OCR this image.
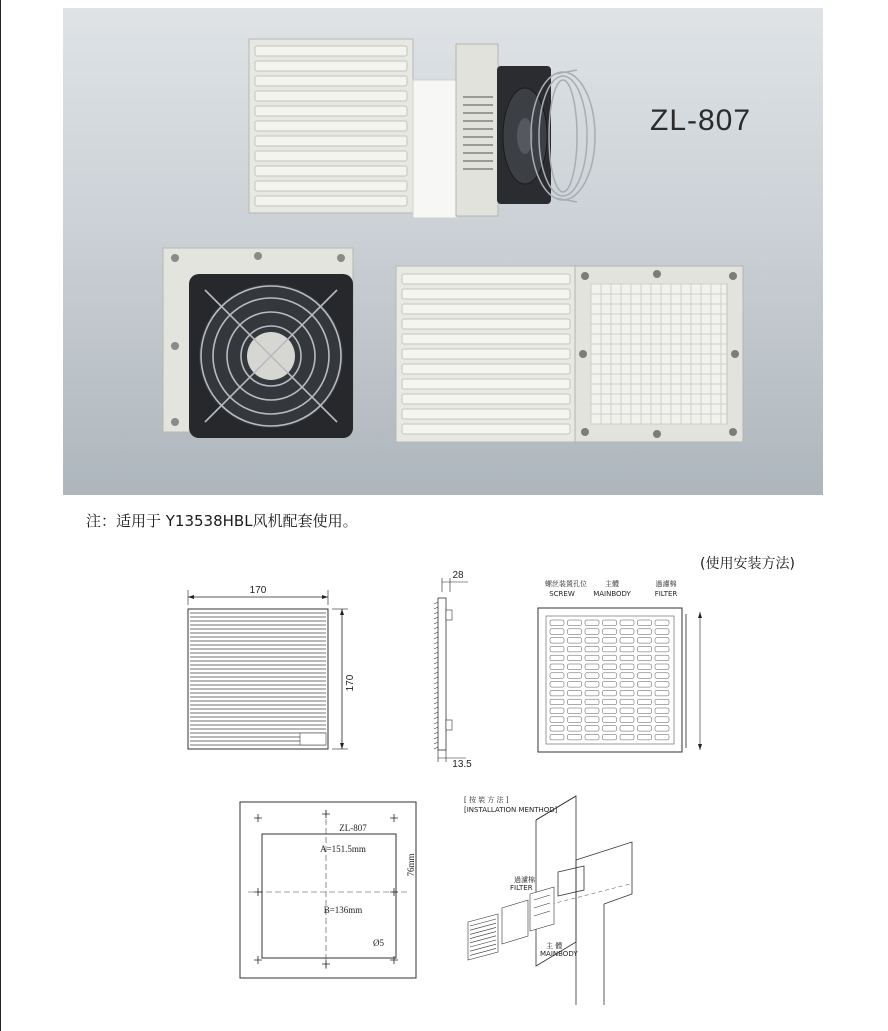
ZL-807
注：适用于 Y13538HBL风机配套使用。
(使用安装方法)
170
170
28
13.5
螺丝装置孔位
SCREW
主體
MAINBODY
過濾棉
FILTER
ZL-807
A=151.5mm
B=136mm
76mm
Ø5
[ 按 裝 方 法 ]
[INSTALLATION MENTHOD]
過濾棉
FILTER
主 體
MAINBODY
